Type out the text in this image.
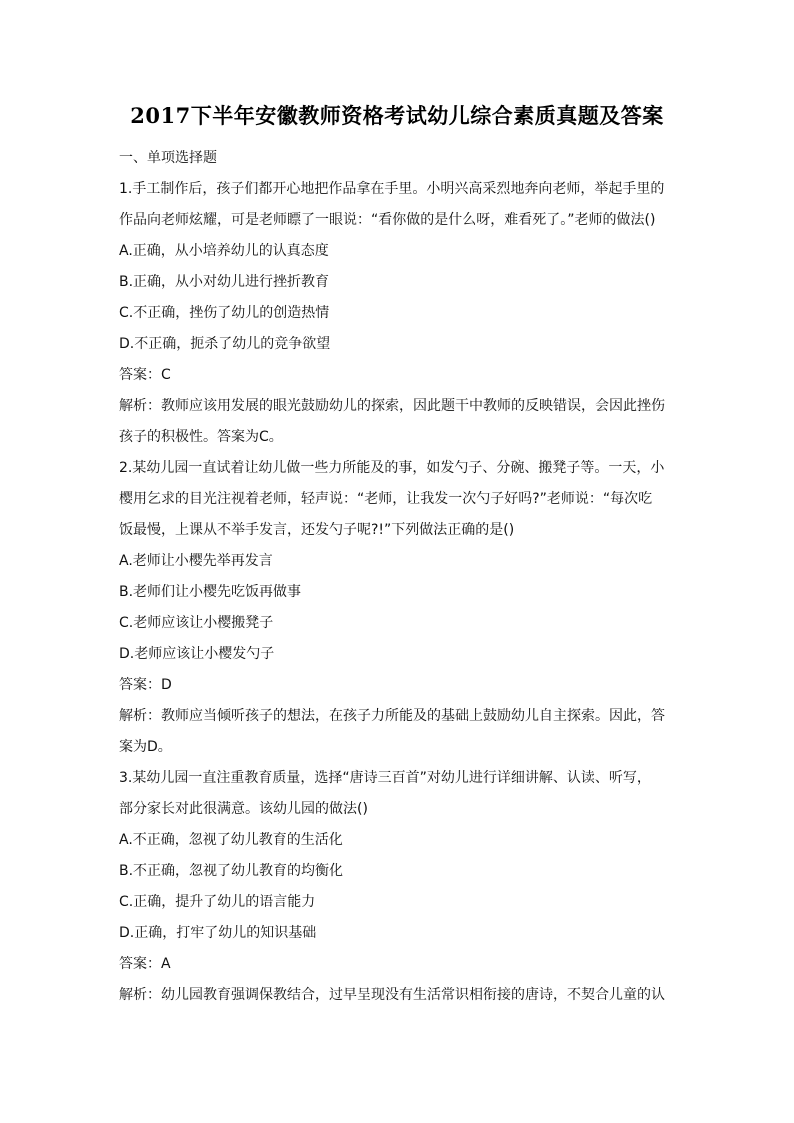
2017下半年安徽教师资格考试幼儿综合素质真题及答案
一、单项选择题
1.手工制作后，孩子们都开心地把作品拿在手里。小明兴高采烈地奔向老师，举起手里的
作品向老师炫耀，可是老师瞟了一眼说：“看你做的是什么呀，难看死了。”老师的做法()
A.正确，从小培养幼儿的认真态度
B.正确，从小对幼儿进行挫折教育
C.不正确，挫伤了幼儿的创造热情
D.不正确，扼杀了幼儿的竞争欲望
答案：C
解析：教师应该用发展的眼光鼓励幼儿的探索，因此题干中教师的反映错误，会因此挫伤
孩子的积极性。答案为C。
2.某幼儿园一直试着让幼儿做一些力所能及的事，如发勺子、分碗、搬凳子等。一天，小
樱用乞求的目光注视着老师，轻声说：“老师，让我发一次勺子好吗?”老师说：“每次吃
饭最慢，上课从不举手发言，还发勺子呢?!”下列做法正确的是()
A.老师让小樱先举再发言
B.老师们让小樱先吃饭再做事
C.老师应该让小樱搬凳子
D.老师应该让小樱发勺子
答案：D
解析：教师应当倾听孩子的想法，在孩子力所能及的基础上鼓励幼儿自主探索。因此，答
案为D。
3.某幼儿园一直注重教育质量，选择“唐诗三百首”对幼儿进行详细讲解、认读、听写，
部分家长对此很满意。该幼儿园的做法()
A.不正确，忽视了幼儿教育的生活化
B.不正确，忽视了幼儿教育的均衡化
C.正确，提升了幼儿的语言能力
D.正确，打牢了幼儿的知识基础
答案：A
解析：幼儿园教育强调保教结合，过早呈现没有生活常识相衔接的唐诗，不契合儿童的认
